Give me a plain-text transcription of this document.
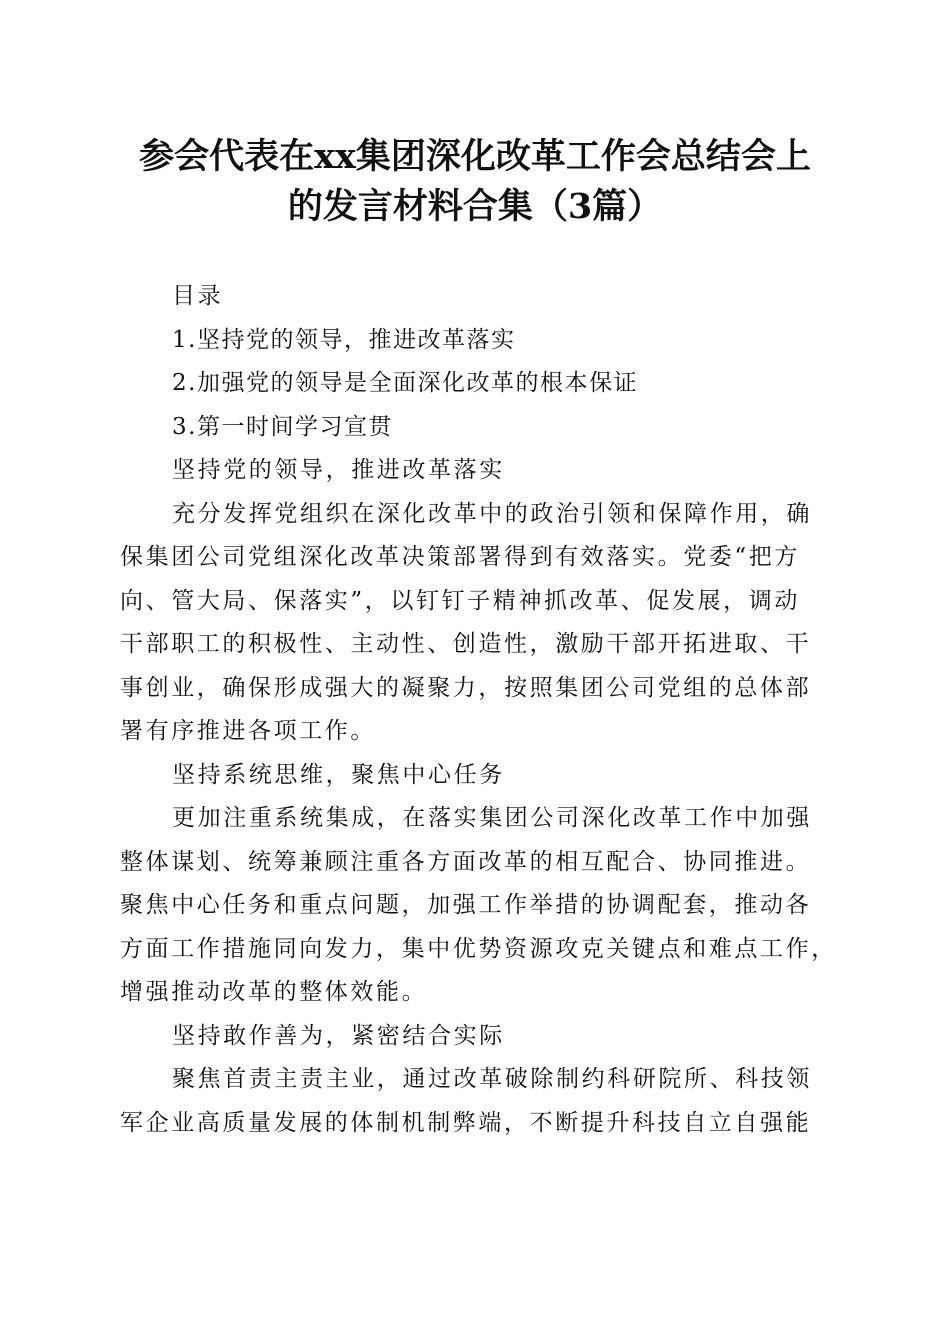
参会代表在xx集团深化改革工作会总结会上
的发言材料合集（3篇）
目录
1.坚持党的领导，推进改革落实
2.加强党的领导是全面深化改革的根本保证
3.第一时间学习宣贯
坚持党的领导，推进改革落实
充分发挥党组织在深化改革中的政治引领和保障作用，确
保集团公司党组深化改革决策部署得到有效落实。党委“把方
向、管大局、保落实”，以钉钉子精神抓改革、促发展，调动
干部职工的积极性、主动性、创造性，激励干部开拓进取、干
事创业，确保形成强大的凝聚力，按照集团公司党组的总体部
署有序推进各项工作。
坚持系统思维，聚焦中心任务
更加注重系统集成，在落实集团公司深化改革工作中加强
整体谋划、统筹兼顾注重各方面改革的相互配合、协同推进。
聚焦中心任务和重点问题，加强工作举措的协调配套，推动各
方面工作措施同向发力，集中优势资源攻克关键点和难点工作，
增强推动改革的整体效能。
坚持敢作善为，紧密结合实际
聚焦首责主责主业，通过改革破除制约科研院所、科技领
军企业高质量发展的体制机制弊端，不断提升科技自立自强能
